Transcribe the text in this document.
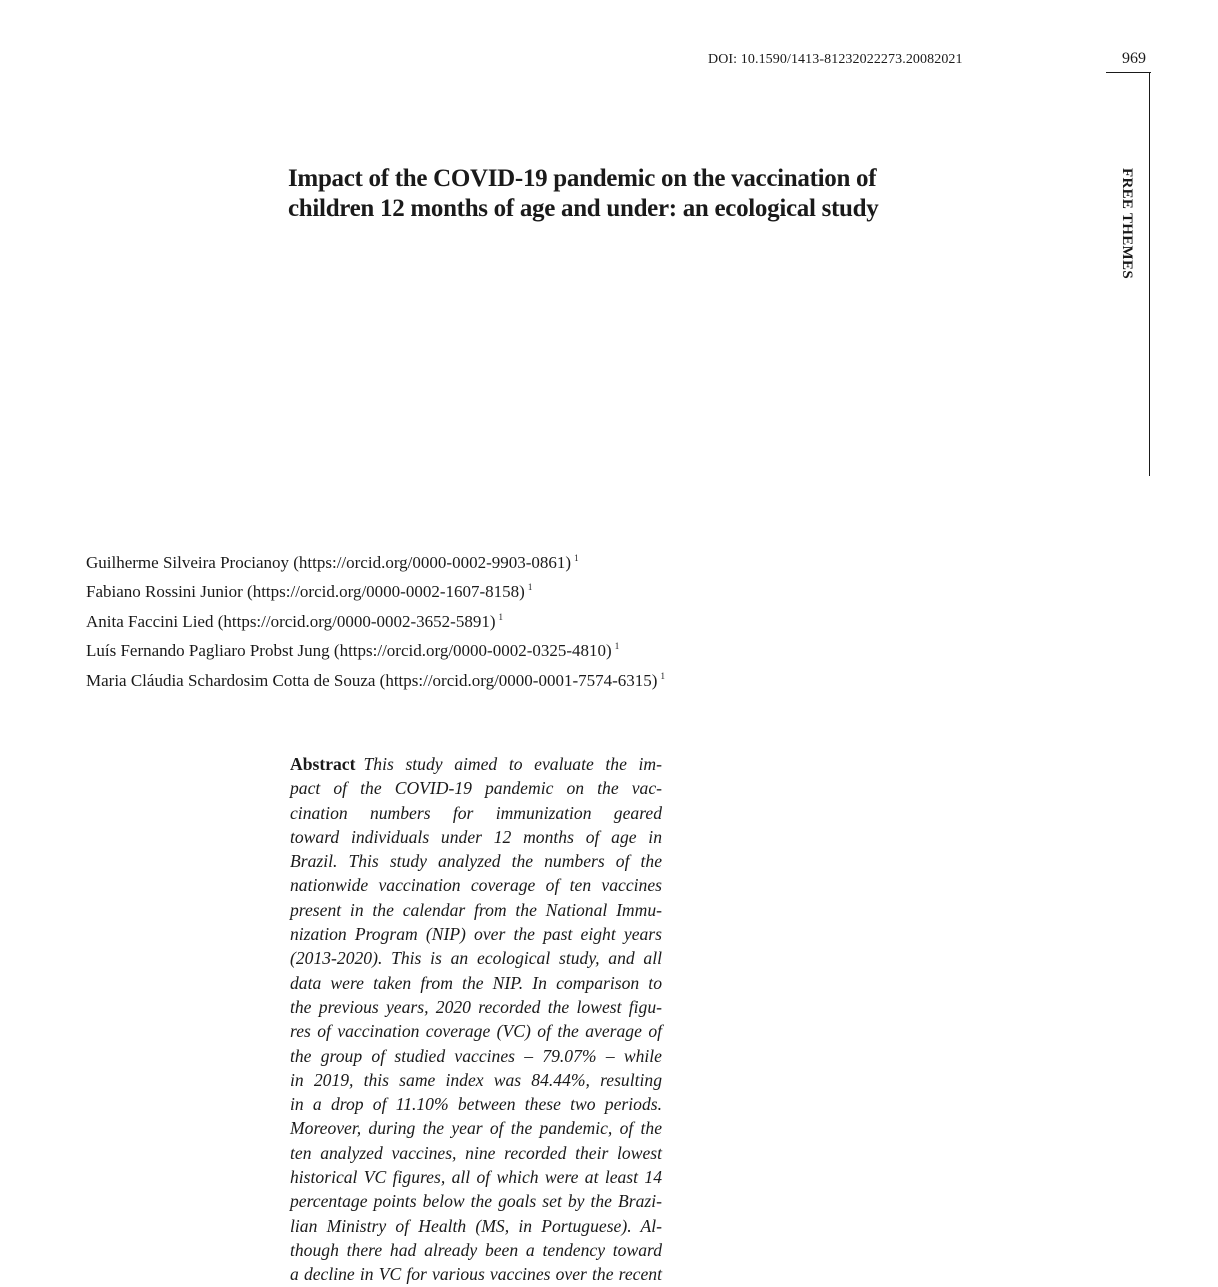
DOI: 10.1590/1413-81232022273.20082021	969
FREE THEMES
Impact of the COVID-19 pandemic on the vaccination of
children 12 months of age and under: an ecological study
Guilherme Silveira Procianoy (https://orcid.org/0000-0002-9903-0861) $^1$
Fabiano Rossini Junior (https://orcid.org/0000-0002-1607-8158) $^1$
Anita Faccini Lied (https://orcid.org/0000-0002-3652-5891) $^1$
Luís Fernando Pagliaro Probst Jung (https://orcid.org/0000-0002-0325-4810) $^1$
Maria Cláudia Schardosim Cotta de Souza (https://orcid.org/0000-0001-7574-6315) $^1$
Abstract This study aimed to evaluate the im-
pact of the COVID-19 pandemic on the vac-
cination numbers for immunization geared
toward individuals under 12 months of age in
Brazil. This study analyzed the numbers of the
nationwide vaccination coverage of ten vaccines
present in the calendar from the National Immu-
nization Program (NIP) over the past eight years
(2013-2020). This is an ecological study, and all
data were taken from the NIP. In comparison to
the previous years, 2020 recorded the lowest figu-
res of vaccination coverage (VC) of the average of
the group of studied vaccines – 79.07% – while
in 2019, this same index was 84.44%, resulting
in a drop of 11.10% between these two periods.
Moreover, during the year of the pandemic, of the
ten analyzed vaccines, nine recorded their lowest
historical VC figures, all of which were at least 14
percentage points below the goals set by the Brazi-
lian Ministry of Health (MS, in Portuguese). Al-
though there had already been a tendency toward
a decline in VC for various vaccines over the recent
